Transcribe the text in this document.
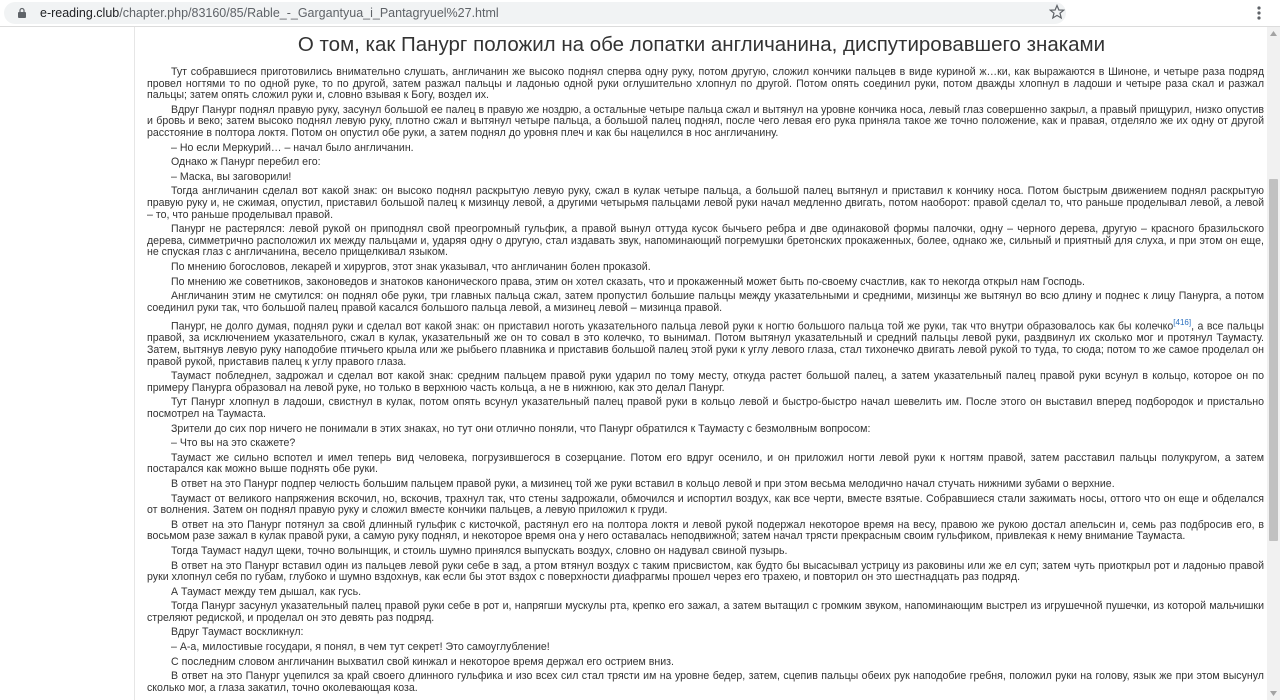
e-reading.club/chapter.php/83160/85/Rable_-_Gargantyua_i_Pantagryuel%27.html
О том, как Панург положил на обе лопатки англичанина, диспутировавшего знаками

Тут собравшиеся приготовились внимательно слушать, англичанин же высоко поднял сперва одну руку, потом другую, сложил кончики пальцев в виде куриной ж…ки, как выражаются в Шиноне, и четыре раза подряд провел ногтями то по одной руке, то по другой, затем разжал пальцы и ладонью одной руки оглушительно хлопнул по другой. Потом опять соединил руки, потом дважды хлопнул в ладоши и четыре раза скал и разжал пальцы; затем опять сложил руки и, словно взывая к Богу, воздел их.

Вдруг Панург поднял правую руку, засунул большой ее палец в правую же ноздрю, а остальные четыре пальца сжал и вытянул на уровне кончика носа, левый глаз совершенно закрыл, а правый прищурил, низко опустив и бровь и веко; затем высоко поднял левую руку, плотно сжал и вытянул четыре пальца, а большой палец поднял, после чего левая его рука приняла такое же точно положение, как и правая, отделяло же их одну от другой расстояние в полтора локтя. Потом он опустил обе руки, а затем поднял до уровня плеч и как бы нацелился в нос англичанину.

– Но если Меркурий… – начал было англичанин.

Однако ж Панург перебил его:

– Маска, вы заговорили!

Тогда англичанин сделал вот какой знак: он высоко поднял раскрытую левую руку, сжал в кулак четыре пальца, а большой палец вытянул и приставил к кончику носа. Потом быстрым движением поднял раскрытую правую руку и, не сжимая, опустил, приставил большой палец к мизинцу левой, а другими четырьмя пальцами левой руки начал медленно двигать, потом наоборот: правой сделал то, что раньше проделывал левой, а левой – то, что раньше проделывал правой.

Панург не растерялся: левой рукой он приподнял свой преогромный гульфик, а правой вынул оттуда кусок бычьего ребра и две одинаковой формы палочки, одну – черного дерева, другую – красного бразильского дерева, симметрично расположил их между пальцами и, ударяя одну о другую, стал издавать звук, напоминающий погремушки бретонских прокаженных, более, однако же, сильный и приятный для слуха, и при этом он еще, не спуская глаз с англичанина, весело прищелкивал языком.

По мнению богословов, лекарей и хирургов, этот знак указывал, что англичанин болен проказой.

По мнению же советников, законоведов и знатоков канонического права, этим он хотел сказать, что и прокаженный может быть по-своему счастлив, как то некогда открыл нам Господь.

Англичанин этим не смутился: он поднял обе руки, три главных пальца сжал, затем пропустил большие пальцы между указательными и средними, мизинцы же вытянул во всю длину и поднес к лицу Панурга, а потом соединил руки так, что большой палец правой касался большого пальца левой, а мизинец левой – мизинца правой.

Панург, не долго думая, поднял руки и сделал вот какой знак: он приставил ноготь указательного пальца левой руки к ногтю большого пальца той же руки, так что внутри образовалось как бы колечко[416], а все пальцы правой, за исключением указательного, сжал в кулак, указательный же он то совал в это колечко, то вынимал. Потом вытянул указательный и средний пальцы левой руки, раздвинул их сколько мог и протянул Таумасту. Затем, вытянув левую руку наподобие птичьего крыла или же рыбьего плавника и приставив большой палец этой руки к углу левого глаза, стал тихонечко двигать левой рукой то туда, то сюда; потом то же самое проделал он правой рукой, приставив палец к углу правого глаза.

Таумаст побледнел, задрожал и сделал вот какой знак: средним пальцем правой руки ударил по тому месту, откуда растет большой палец, а затем указательный палец правой руки всунул в кольцо, которое он по примеру Панурга образовал на левой руке, но только в верхнюю часть кольца, а не в нижнюю, как это делал Панург.

Тут Панург хлопнул в ладоши, свистнул в кулак, потом опять всунул указательный палец правой руки в кольцо левой и быстро-быстро начал шевелить им. После этого он выставил вперед подбородок и пристально посмотрел на Таумаста.

Зрители до сих пор ничего не понимали в этих знаках, но тут они отлично поняли, что Панург обратился к Таумасту с безмолвным вопросом:

– Что вы на это скажете?

Таумаст же сильно вспотел и имел теперь вид человека, погрузившегося в созерцание. Потом его вдруг осенило, и он приложил ногти левой руки к ногтям правой, затем расставил пальцы полукругом, а затем постарался как можно выше поднять обе руки.

В ответ на это Панург подпер челюсть большим пальцем правой руки, а мизинец той же руки вставил в кольцо левой и при этом весьма мелодично начал стучать нижними зубами о верхние.

Таумаст от великого напряжения вскочил, но, вскочив, трахнул так, что стены задрожали, обмочился и испортил воздух, как все черти, вместе взятые. Собравшиеся стали зажимать носы, оттого что он еще и обделался от волнения. Затем он поднял правую руку и сложил вместе кончики пальцев, а левую приложил к груди.

В ответ на это Панург потянул за свой длинный гульфик с кисточкой, растянул его на полтора локтя и левой рукой подержал некоторое время на весу, правою же рукою достал апельсин и, семь раз подбросив его, в восьмом разе зажал в кулак правой руки, а самую руку поднял, и некоторое время она у него оставалась неподвижной; затем начал трясти прекрасным своим гульфиком, привлекая к нему внимание Таумаста.

Тогда Таумаст надул щеки, точно волынщик, и стоиль шумно принялся выпускать воздух, словно он надувал свиной пузырь.

В ответ на это Панург вставил один из пальцев левой руки себе в зад, а ртом втянул воздух с таким присвистом, как будто бы высасывал устрицу из раковины или же ел суп; затем чуть приоткрыл рот и ладонью правой руки хлопнул себя по губам, глубоко и шумно вздохнув, как если бы этот вздох с поверхности диафрагмы прошел через его трахею, и повторил он это шестнадцать раз подряд.

А Таумаст между тем дышал, как гусь.

Тогда Панург засунул указательный палец правой руки себе в рот и, напрягши мускулы рта, крепко его зажал, а затем вытащил с громким звуком, напоминающим выстрел из игрушечной пушечки, из которой мальчишки стреляют редиской, и проделал он это девять раз подряд.

Вдруг Таумаст воскликнул:

– А-а, милостивые государи, я понял, в чем тут секрет! Это самоуглубление!

С последним словом англичанин выхватил свой кинжал и некоторое время держал его острием вниз.

В ответ на это Панург уцепился за край своего длинного гульфика и изо всех сил стал трясти им на уровне бедер, затем, сцепив пальцы обеих рук наподобие гребня, положил руки на голову, язык же при этом высунул сколько мог, а глаза закатил, точно околевающая коза.
